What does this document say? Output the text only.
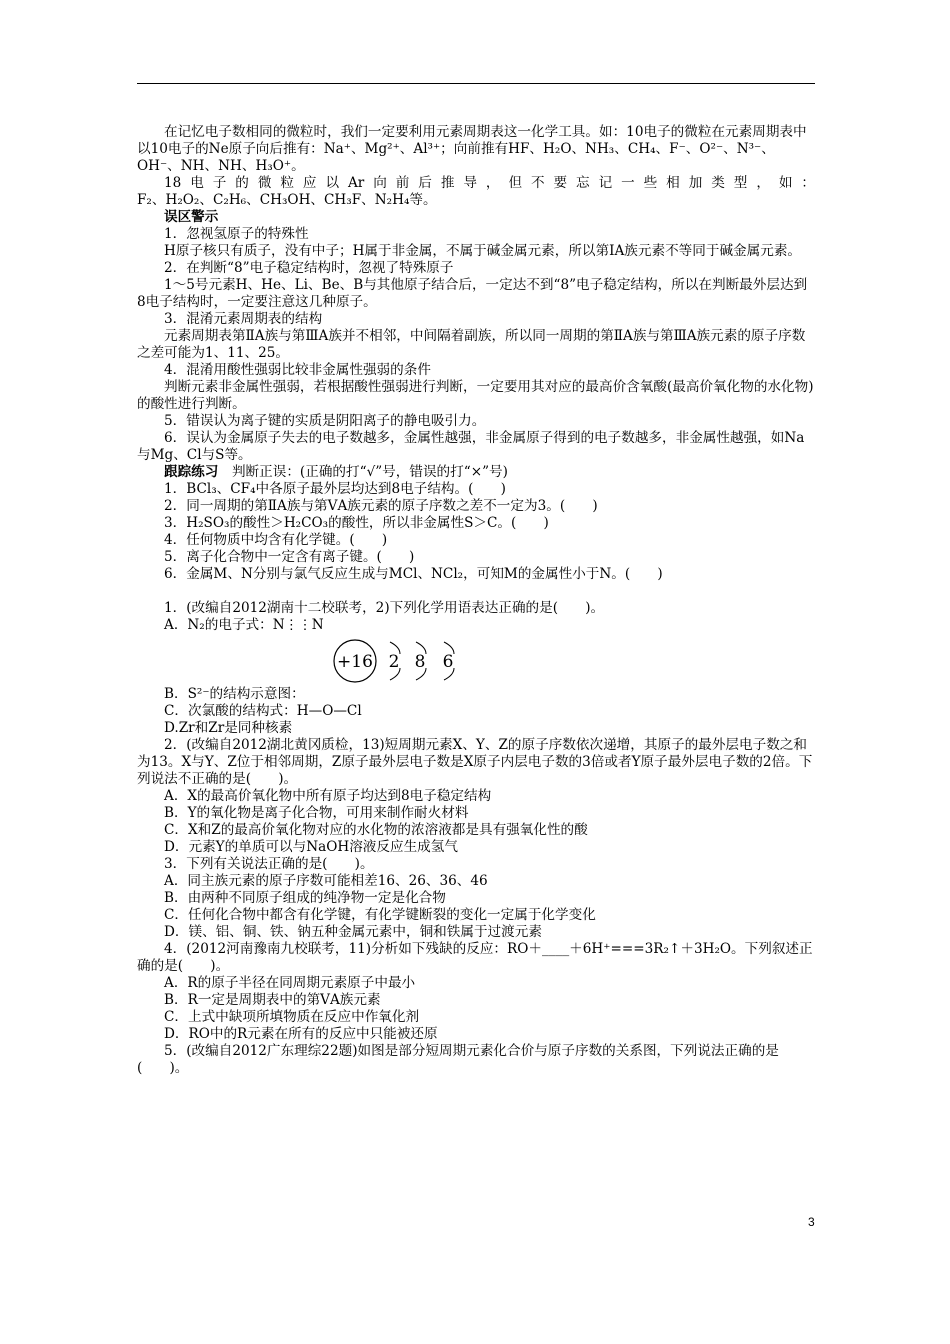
在记忆电子数相同的微粒时，我们一定要利用元素周期表这一化学工具。如：10电子的微粒在元素周期表中以10电子的Ne原子向后推有：Na⁺、Mg²⁺、Al³⁺；向前推有HF、H₂O、NH₃、CH₄、F⁻、O²⁻、N³⁻、OH⁻、NH、NH、H₃O⁺。

18电子的微粒应以Ar向前后推导，但不要忘记一些相加类型，如：

F₂、H₂O₂、C₂H₆、CH₃OH、CH₃F、N₂H₄等。

误区警示

1．忽视氢原子的特殊性

H原子核只有质子，没有中子；H属于非金属，不属于碱金属元素，所以第ⅠA族元素不等同于碱金属元素。

2．在判断“8”电子稳定结构时，忽视了特殊原子

1～5号元素H、He、Li、Be、B与其他原子结合后，一定达不到“8”电子稳定结构，所以在判断最外层达到8电子结构时，一定要注意这几种原子。

3．混淆元素周期表的结构

元素周期表第ⅡA族与第ⅢA族并不相邻，中间隔着副族，所以同一周期的第ⅡA族与第ⅢA族元素的原子序数之差可能为1、11、25。

4．混淆用酸性强弱比较非金属性强弱的条件

判断元素非金属性强弱，若根据酸性强弱进行判断，一定要用其对应的最高价含氧酸(最高价氧化物的水化物)的酸性进行判断。

5．错误认为离子键的实质是阴阳离子的静电吸引力。

6．误认为金属原子失去的电子数越多，金属性越强，非金属原子得到的电子数越多，非金属性越强，如Na与Mg、Cl与S等。

跟踪练习　判断正误：(正确的打“√”号，错误的打“×”号)

1．BCl₃、CF₄中各原子最外层均达到8电子结构。(　　)

2．同一周期的第ⅡA族与第ⅤA族元素的原子序数之差不一定为3。(　　)

3．H₂SO₃的酸性＞H₂CO₃的酸性，所以非金属性S＞C。(　　)

4．任何物质中均含有化学键。(　　)

5．离子化合物中一定含有离子键。(　　)

6．金属M、N分别与氯气反应生成与MCl、NCl₂，可知M的金属性小于N。(　　)

1．(改编自2012湖南十二校联考，2)下列化学用语表达正确的是(　　)。

A．N₂的电子式：N⋮⋮N

+16 2 8 6

B．S²⁻的结构示意图：

C．次氯酸的结构式：H—O—Cl

D.Zr和Zr是同种核素

2．(改编自2012湖北黄冈质检，13)短周期元素X、Y、Z的原子序数依次递增，其原子的最外层电子数之和为13。X与Y、Z位于相邻周期，Z原子最外层电子数是X原子内层电子数的3倍或者Y原子最外层电子数的2倍。下列说法不正确的是(　　)。

A．X的最高价氧化物中所有原子均达到8电子稳定结构

B．Y的氧化物是离子化合物，可用来制作耐火材料

C．X和Z的最高价氧化物对应的水化物的浓溶液都是具有强氧化性的酸

D．元素Y的单质可以与NaOH溶液反应生成氢气

3．下列有关说法正确的是(　　)。

A．同主族元素的原子序数可能相差16、26、36、46

B．由两种不同原子组成的纯净物一定是化合物

C．任何化合物中都含有化学键，有化学键断裂的变化一定属于化学变化

D．镁、铝、铜、铁、钠五种金属元素中，铜和铁属于过渡元素

4．(2012河南豫南九校联考，11)分析如下残缺的反应：RO＋____＋6H⁺===3R₂↑＋3H₂O。下列叙述正确的是(　　)。

A．R的原子半径在同周期元素原子中最小

B．R一定是周期表中的第ⅤA族元素

C．上式中缺项所填物质在反应中作氧化剂

D．RO中的R元素在所有的反应中只能被还原

5．(改编自2012广东理综22题)如图是部分短周期元素化合价与原子序数的关系图，下列说法正确的是(　　)。

3
